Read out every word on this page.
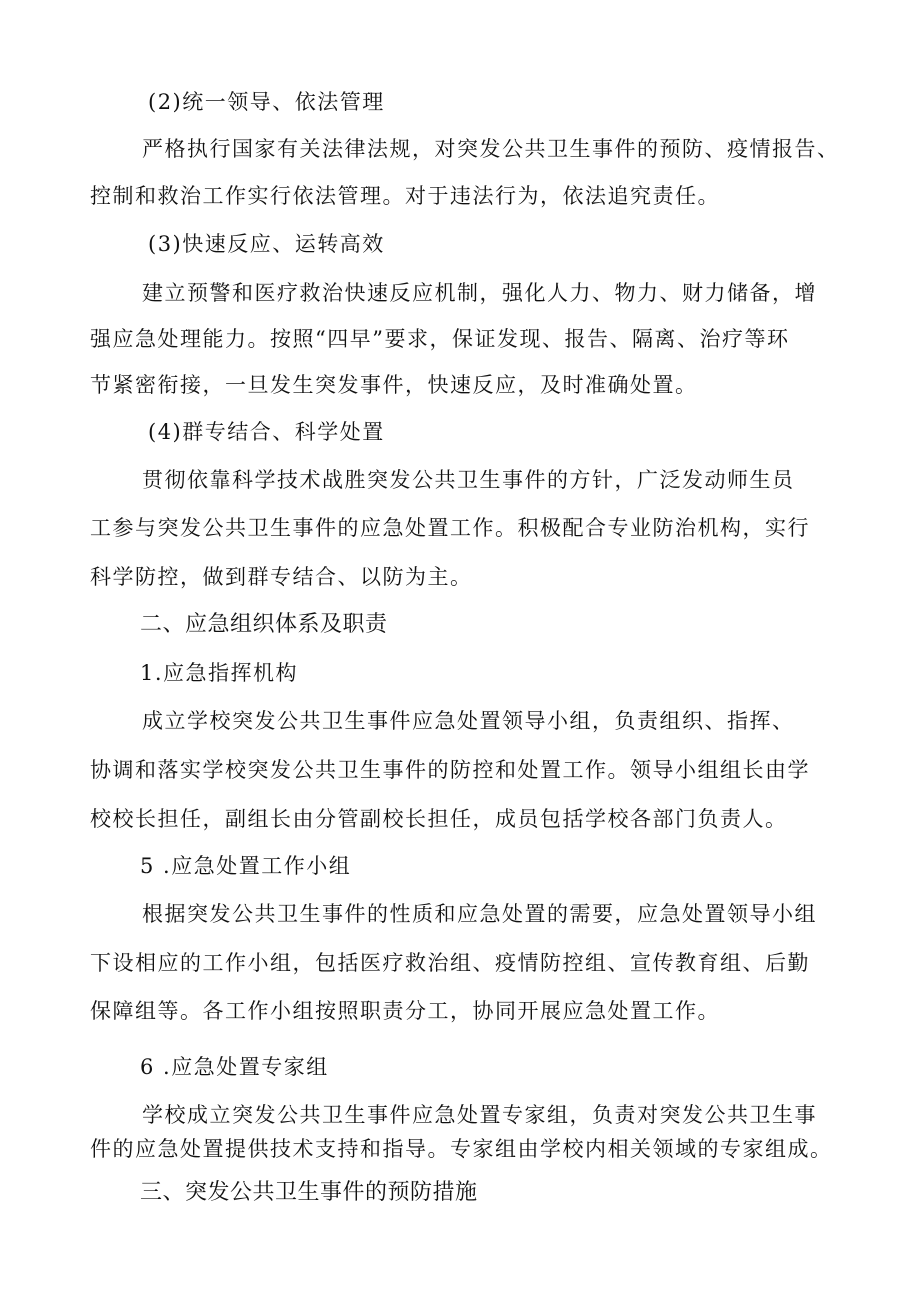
(2)统一领导、依法管理
严格执行国家有关法律法规，对突发公共卫生事件的预防、疫情报告、
控制和救治工作实行依法管理。对于违法行为，依法追究责任。
(3)快速反应、运转高效
建立预警和医疗救治快速反应机制，强化人力、物力、财力储备，增
强应急处理能力。按照“四早”要求，保证发现、报告、隔离、治疗等环
节紧密衔接，一旦发生突发事件，快速反应，及时准确处置。
(4)群专结合、科学处置
贯彻依靠科学技术战胜突发公共卫生事件的方针，广泛发动师生员
工参与突发公共卫生事件的应急处置工作。积极配合专业防治机构，实行
科学防控，做到群专结合、以防为主。
二、应急组织体系及职责
1.应急指挥机构
成立学校突发公共卫生事件应急处置领导小组，负责组织、指挥、
协调和落实学校突发公共卫生事件的防控和处置工作。领导小组组长由学
校校长担任，副组长由分管副校长担任，成员包括学校各部门负责人。
5 .应急处置工作小组
根据突发公共卫生事件的性质和应急处置的需要，应急处置领导小组
下设相应的工作小组，包括医疗救治组、疫情防控组、宣传教育组、后勤
保障组等。各工作小组按照职责分工，协同开展应急处置工作。
6 .应急处置专家组
学校成立突发公共卫生事件应急处置专家组，负责对突发公共卫生事
件的应急处置提供技术支持和指导。专家组由学校内相关领域的专家组成。
三、突发公共卫生事件的预防措施
